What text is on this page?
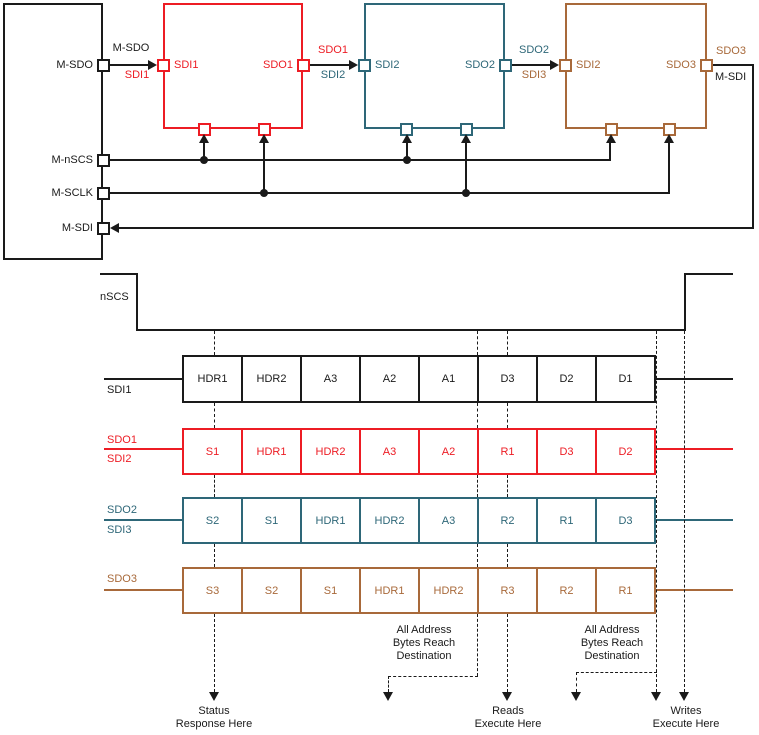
M-SDO
M-nSCS
M-SCLK
M-SDI
SDI1	SDO1	SDI2	SDO2	SDI2	SDO3
M-SDO
SDI1
SDO1
SDI2
SDO2
SDI3
SDO3
M-SDI
nSCS
SDI1
HDR1	HDR2	A3	A2	A1	D3	D2	D1
SDO1
SDI2
S1	HDR1	HDR2	A3	A2	R1	D3	D2
SDO2
SDI3
S2	S1	HDR1	HDR2	A3	R2	R1	D3
SDO3
S3	S2	S1	HDR1	HDR2	R3	R2	R1
All Address
Bytes Reach
Destination
All Address
Bytes Reach
Destination
Status
Response Here
Reads
Execute Here
Writes
Execute Here
